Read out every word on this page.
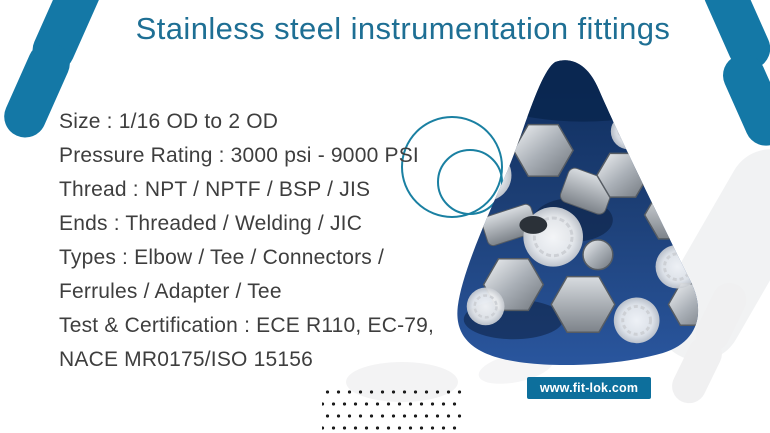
Stainless steel instrumentation fittings
Size : 1/16 OD to 2 OD
Pressure Rating : 3000 psi - 9000 PSI
Thread : NPT / NPTF / BSP / JIS
Ends : Threaded / Welding / JIC
Types : Elbow / Tee / Connectors /
Ferrules / Adapter / Tee
Test & Certification : ECE R110, EC-79,
NACE MR0175/ISO 15156
www.fit-lok.com
